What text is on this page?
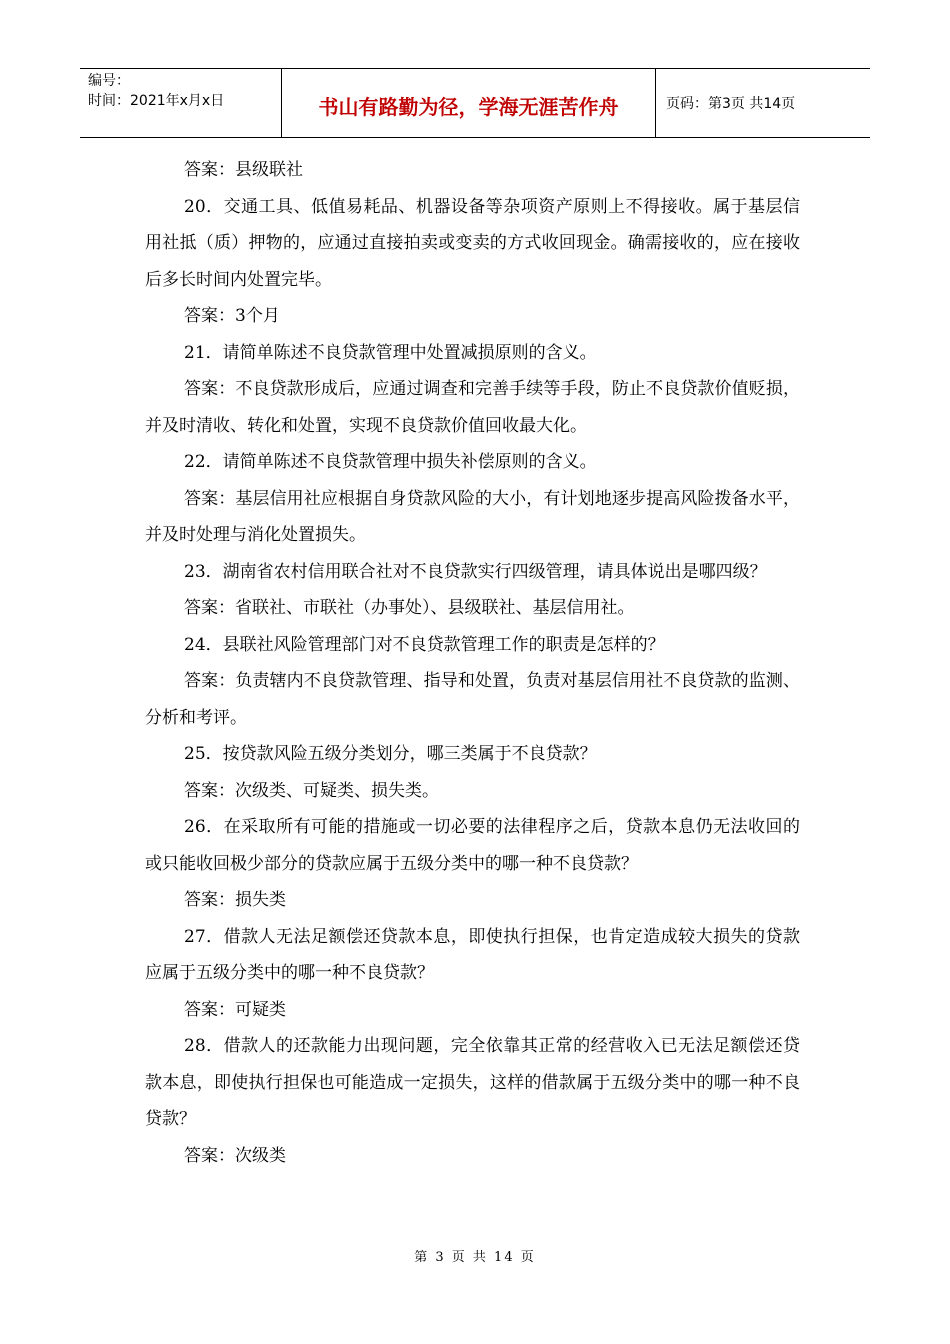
编号：
时间：2021年x月x日	书山有路勤为径，学海无涯苦作舟	页码：第3页 共14页

答案：县级联社

20．交通工具、低值易耗品、机器设备等杂项资产原则上不得接收。属于基层信用社抵（质）押物的，应通过直接拍卖或变卖的方式收回现金。确需接收的，应在接收后多长时间内处置完毕。

答案：3个月

21．请简单陈述不良贷款管理中处置减损原则的含义。

答案：不良贷款形成后，应通过调查和完善手续等手段，防止不良贷款价值贬损，并及时清收、转化和处置，实现不良贷款价值回收最大化。

22．请简单陈述不良贷款管理中损失补偿原则的含义。

答案：基层信用社应根据自身贷款风险的大小，有计划地逐步提高风险拨备水平，并及时处理与消化处置损失。

23．湖南省农村信用联合社对不良贷款实行四级管理，请具体说出是哪四级？

答案：省联社、市联社（办事处）、县级联社、基层信用社。

24．县联社风险管理部门对不良贷款管理工作的职责是怎样的？

答案：负责辖内不良贷款管理、指导和处置，负责对基层信用社不良贷款的监测、分析和考评。

25．按贷款风险五级分类划分，哪三类属于不良贷款？

答案：次级类、可疑类、损失类。

26．在采取所有可能的措施或一切必要的法律程序之后，贷款本息仍无法收回的或只能收回极少部分的贷款应属于五级分类中的哪一种不良贷款？

答案：损失类

27．借款人无法足额偿还贷款本息，即使执行担保，也肯定造成较大损失的贷款应属于五级分类中的哪一种不良贷款？

答案：可疑类

28．借款人的还款能力出现问题，完全依靠其正常的经营收入已无法足额偿还贷款本息，即使执行担保也可能造成一定损失，这样的借款属于五级分类中的哪一种不良贷款？

答案：次级类

第 3 页 共 14 页
